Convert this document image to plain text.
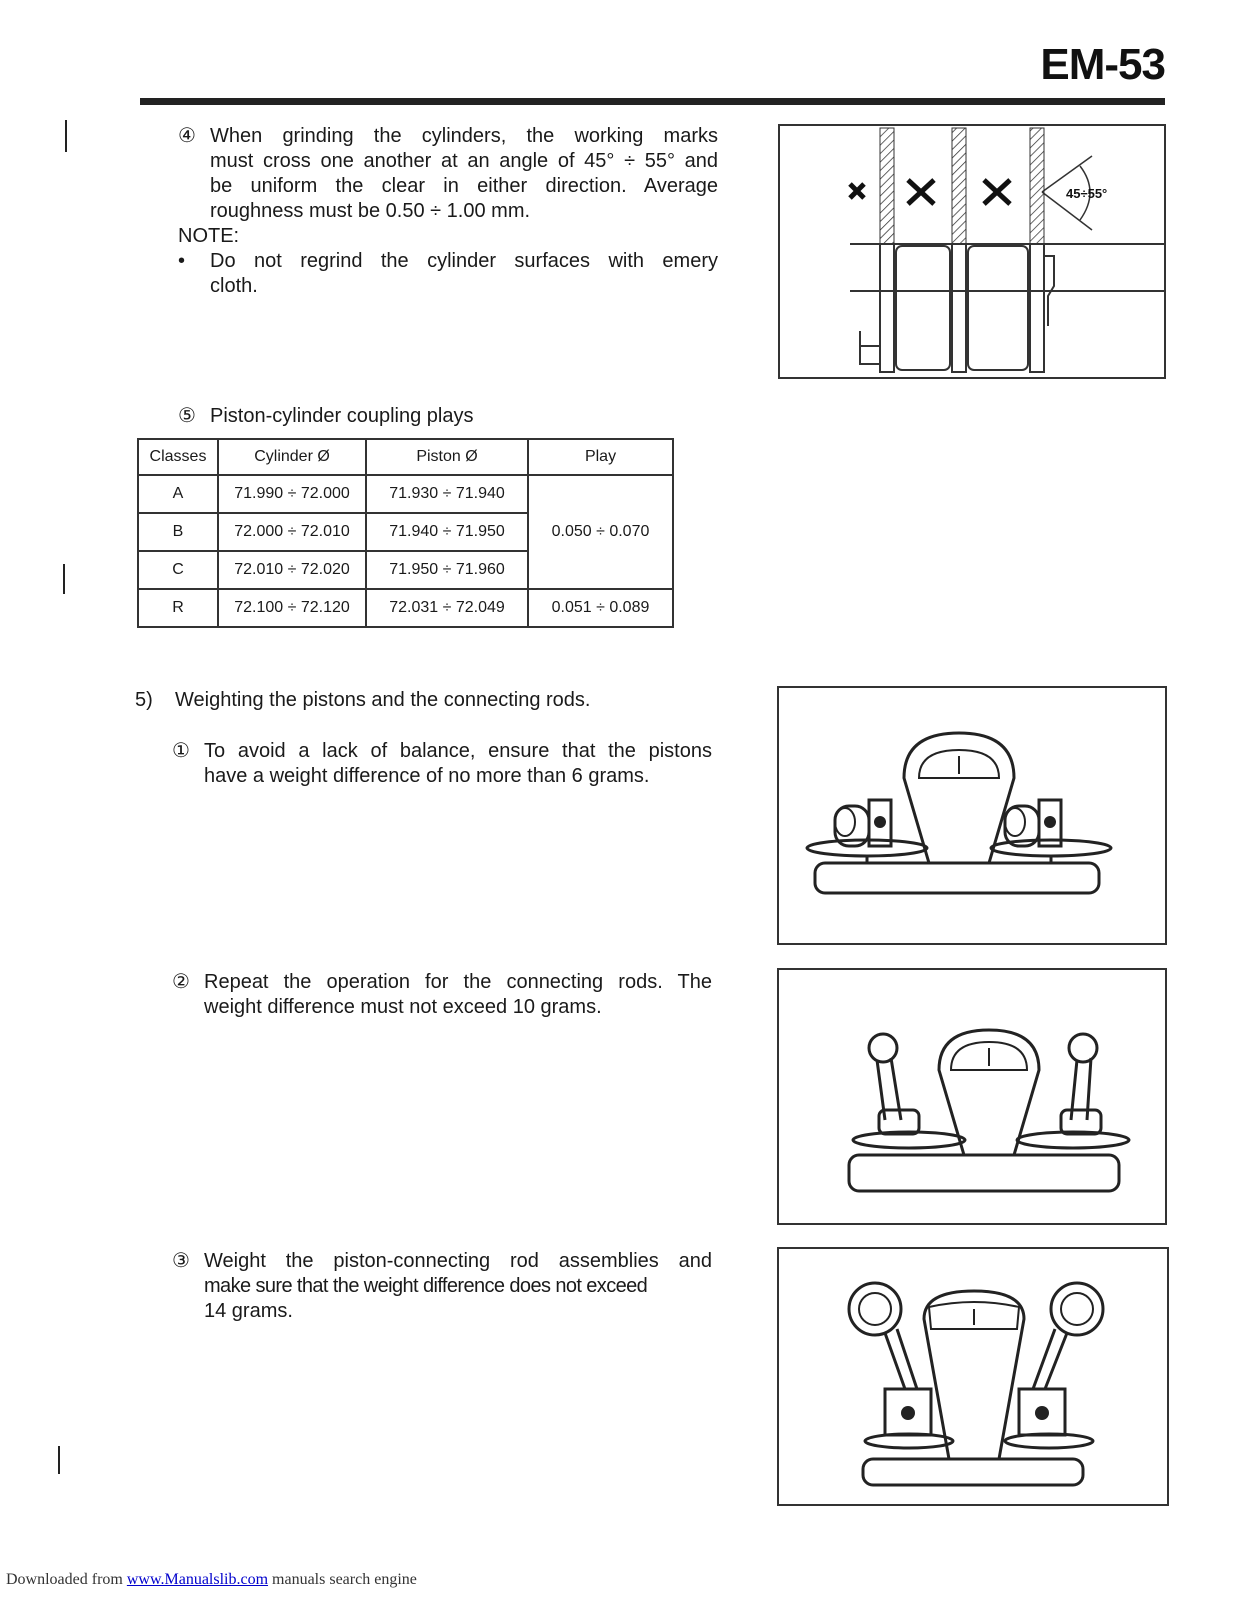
EM-53
④ When grinding the cylinders, the working marks
must cross one another at an angle of 45° ÷ 55° and
be uniform the clear in either direction. Average
roughness must be 0.50 ÷ 1.00 mm.
NOTE:
• Do not regrind the cylinder surfaces with emery
cloth.
45÷55°
⑤ Piston-cylinder coupling plays
Classes	Cylinder Ø	Piston Ø	Play
A	71.990 ÷ 72.000	71.930 ÷ 71.940	0.050 ÷ 0.070
B	72.000 ÷ 72.010	71.940 ÷ 71.950	
C	72.010 ÷ 72.020	71.950 ÷ 71.960	
R	72.100 ÷ 72.120	72.031 ÷ 72.049	0.051 ÷ 0.089
5) Weighting the pistons and the connecting rods.
① To avoid a lack of balance, ensure that the pistons
have a weight difference of no more than 6 grams.
② Repeat the operation for the connecting rods. The
weight difference must not exceed 10 grams.
③ Weight the piston-connecting rod assemblies and
make sure that the weight difference does not exceed
14 grams.
Downloaded from www.Manualslib.com manuals search engine
